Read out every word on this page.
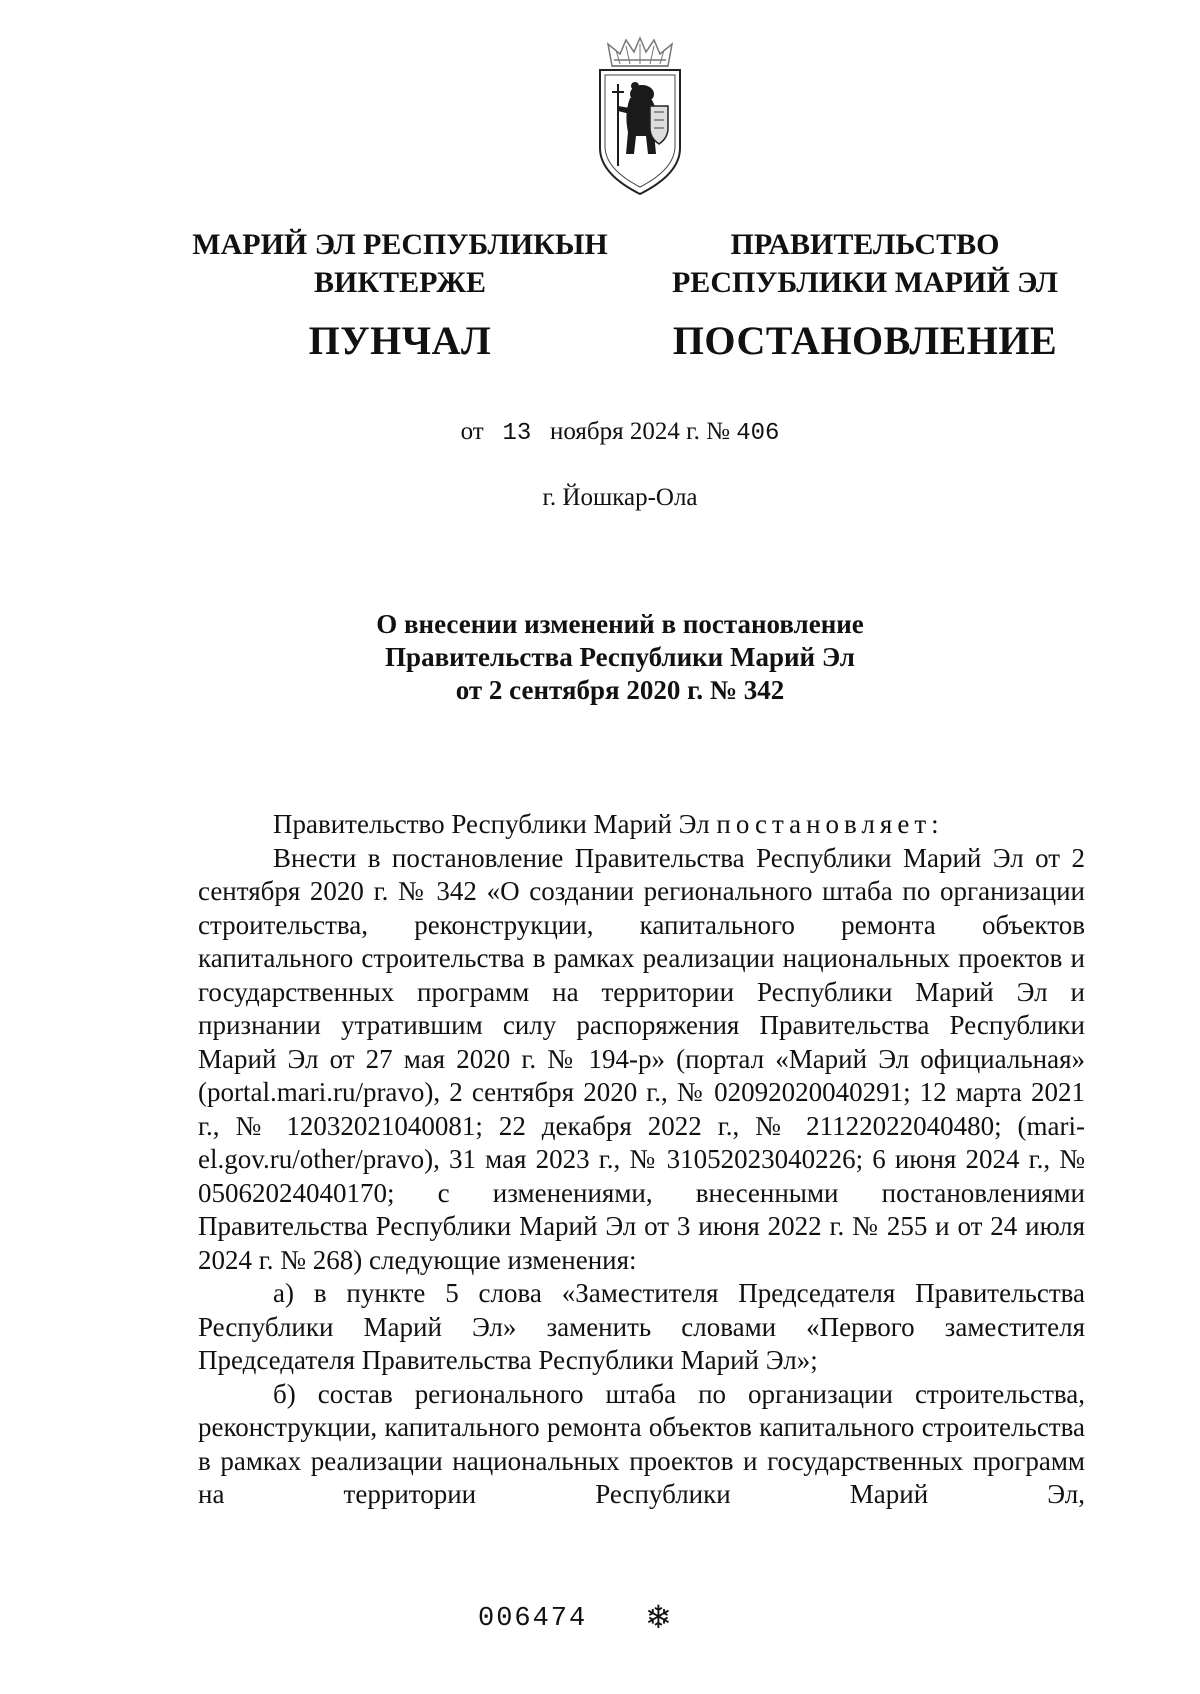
МАРИЙ ЭЛ РЕСПУБЛИКЫН
ВИКТЕРЖЕ
ПУНЧАЛ
ПРАВИТЕЛЬСТВО
РЕСПУБЛИКИ МАРИЙ ЭЛ
ПОСТАНОВЛЕНИЕ
от 13 ноября 2024 г. № 406
г. Йошкар-Ола
О внесении изменений в постановление
Правительства Республики Марий Эл
от 2 сентября 2020 г. № 342

Правительство Республики Марий Эл постановляет:

Внести в постановление Правительства Республики Марий Эл от 2 сентября 2020 г. № 342 «О создании регионального штаба по организации строительства, реконструкции, капитального ремонта объектов капитального строительства в рамках реализации национальных проектов и государственных программ на территории Республики Марий Эл и признании утратившим силу распоряжения Правительства Республики Марий Эл от 27 мая 2020 г. № 194-р» (портал «Марий Эл официальная» (portal.mari.ru/pravo), 2 сентября 2020 г., № 02092020040291; 12 марта 2021 г., № 12032021040081; 22 декабря 2022 г., № 21122022040480; (mari-el.gov.ru/other/pravo), 31 мая 2023 г., № 31052023040226; 6 июня 2024 г., № 05062024040170; с изменениями, внесенными постановлениями Правительства Республики Марий Эл от 3 июня 2022 г. № 255 и от 24 июля 2024 г. № 268) следующие изменения:

а) в пункте 5 слова «Заместителя Председателя Правительства Республики Марий Эл» заменить словами «Первого заместителя Председателя Правительства Республики Марий Эл»;

б) состав регионального штаба по организации строительства, реконструкции, капитального ремонта объектов капитального строительства в рамках реализации национальных проектов и государственных программ на территории Республики Марий Эл,

006474 ❄
